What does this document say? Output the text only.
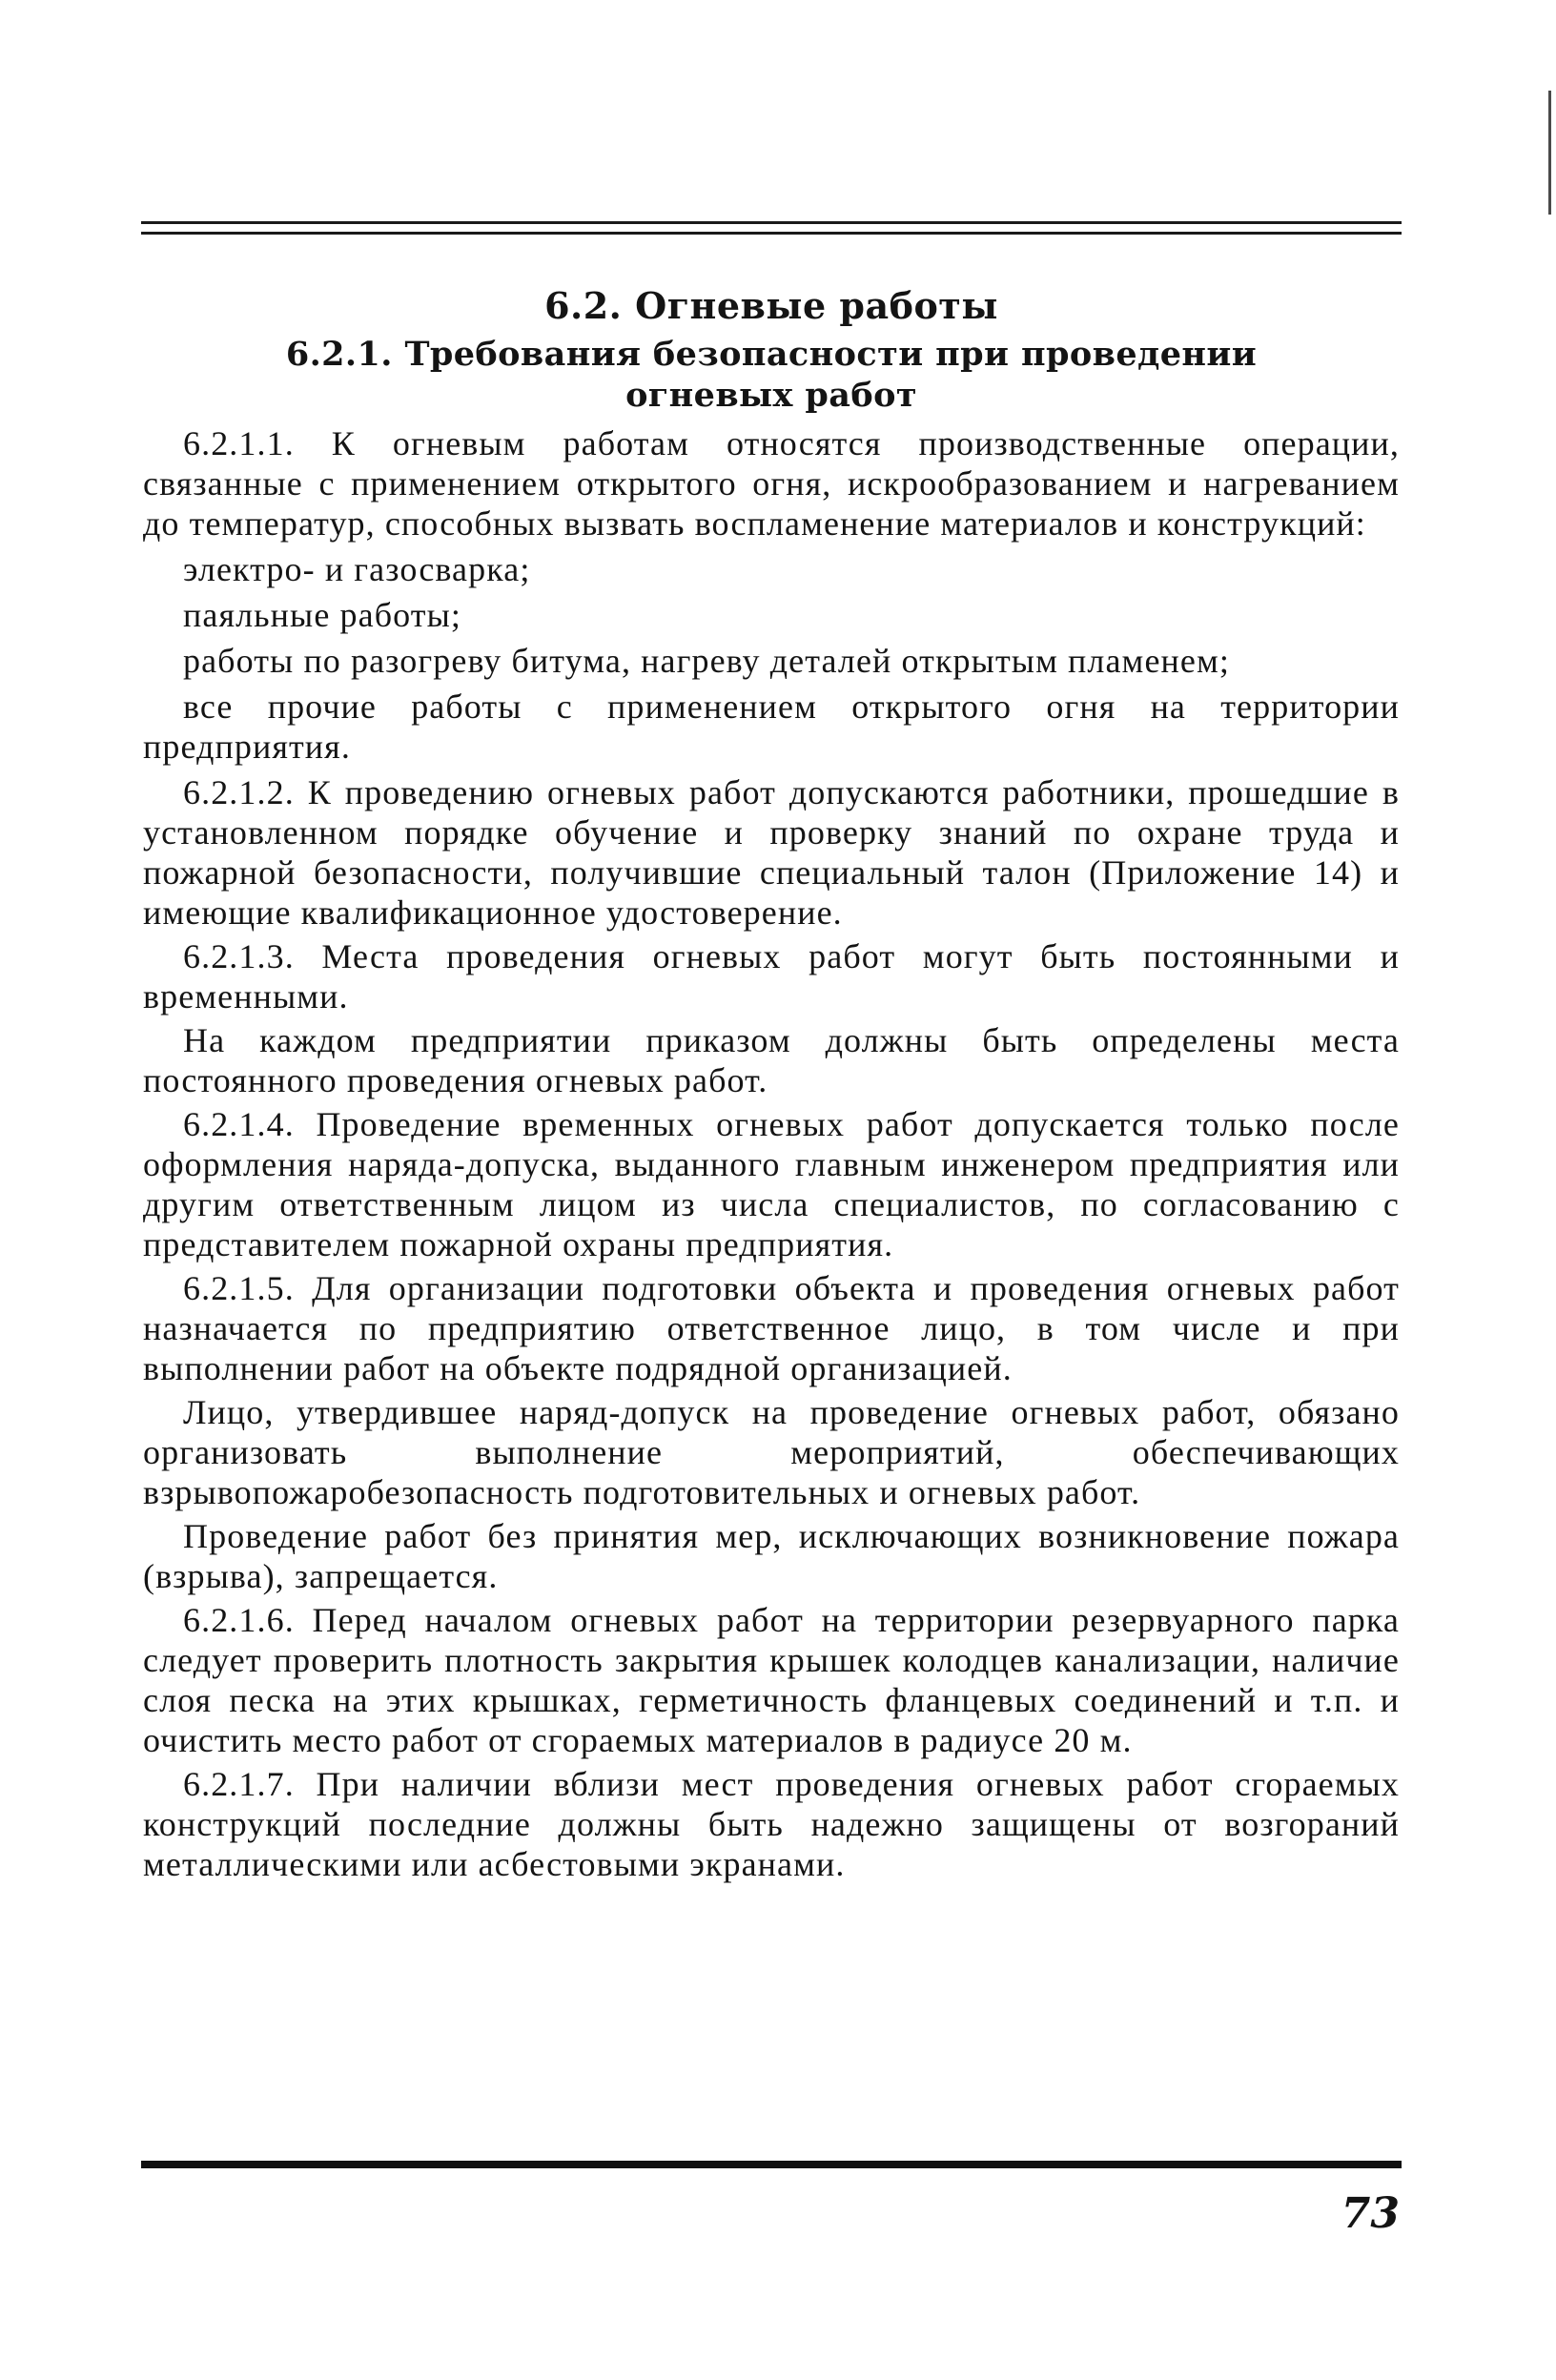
6.2. Огневые работы
6.2.1. Требования безопасности при проведении
огневых работ

6.2.1.1. К огневым работам относятся производственные операции, связанные с применением открытого огня, искрообразованием и нагреванием до температур, способных вызвать воспламенение материалов и конструкций:

электро- и газосварка;

паяльные работы;

работы по разогреву битума, нагреву деталей открытым пламенем;

все прочие работы с применением открытого огня на территории предприятия.

6.2.1.2. К проведению огневых работ допускаются работники, прошедшие в установленном порядке обучение и проверку знаний по охране труда и пожарной безопасности, получившие специальный талон (Приложение 14) и имеющие квалификационное удостоверение.

6.2.1.3. Места проведения огневых работ могут быть постоянными и временными.

На каждом предприятии приказом должны быть определены места постоянного проведения огневых работ.

6.2.1.4. Проведение временных огневых работ допускается только после оформления наряда-допуска, выданного главным инженером предприятия или другим ответственным лицом из числа специалистов, по согласованию с представителем пожарной охраны предприятия.

6.2.1.5. Для организации подготовки объекта и проведения огневых работ назначается по предприятию ответственное лицо, в том числе и при выполнении работ на объекте подрядной организацией.

Лицо, утвердившее наряд-допуск на проведение огневых работ, обязано организовать выполнение мероприятий, обеспечивающих взрывопожаробезопасность подготовительных и огневых работ.

Проведение работ без принятия мер, исключающих возникновение пожара (взрыва), запрещается.

6.2.1.6. Перед началом огневых работ на территории резервуарного парка следует проверить плотность закрытия крышек колодцев канализации, наличие слоя песка на этих крышках, герметичность фланцевых соединений и т.п. и очистить место работ от сгораемых материалов в радиусе 20 м.

6.2.1.7. При наличии вблизи мест проведения огневых работ сгораемых конструкций последние должны быть надежно защищены от возгораний металлическими или асбестовыми экранами.

73
